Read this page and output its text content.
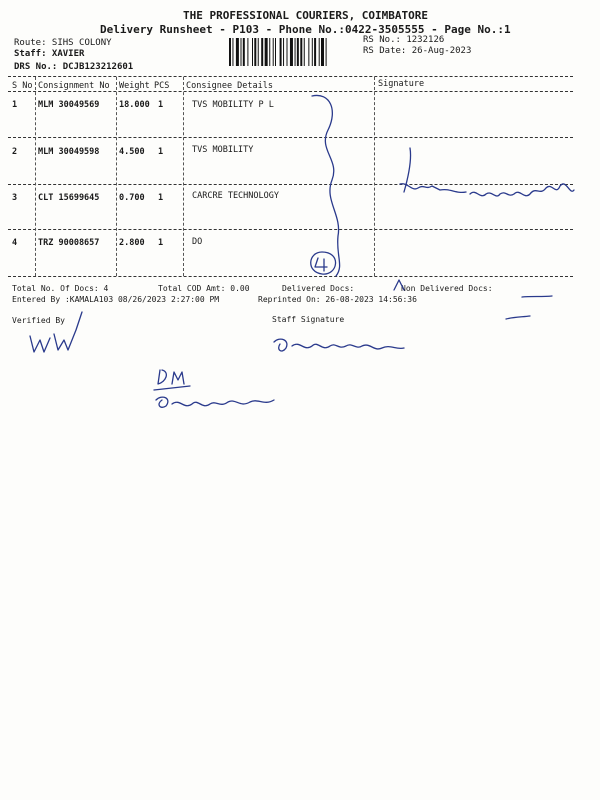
THE PROFESSIONAL COURIERS, COIMBATORE
Delivery Runsheet - P103 - Phone No.:0422-3505555 - Page No.:1
Route: SIHS COLONY
Staff: XAVIER
DRS No.: DCJB123212601
RS No.: 1232126
RS Date: 26-Aug-2023
S No Consignment No Weight PCS Consignee Details	Signature
1 MLM 30049569 18.000 1	TVS MOBILITY P L
2 MLM 30049598 4.500 1	TVS MOBILITY
3 CLT 15699645 0.700 1	CARCRE TECHNOLOGY
4 TRZ 90008657 2.800 1	DO
Total No. Of Docs: 4	Total COD Amt: 0.00	Delivered Docs:	Non Delivered Docs:
Entered By :KAMALA103 08/26/2023 2:27:00 PM	Reprinted On: 26-08-2023 14:56:36
Verified By	Staff Signature
